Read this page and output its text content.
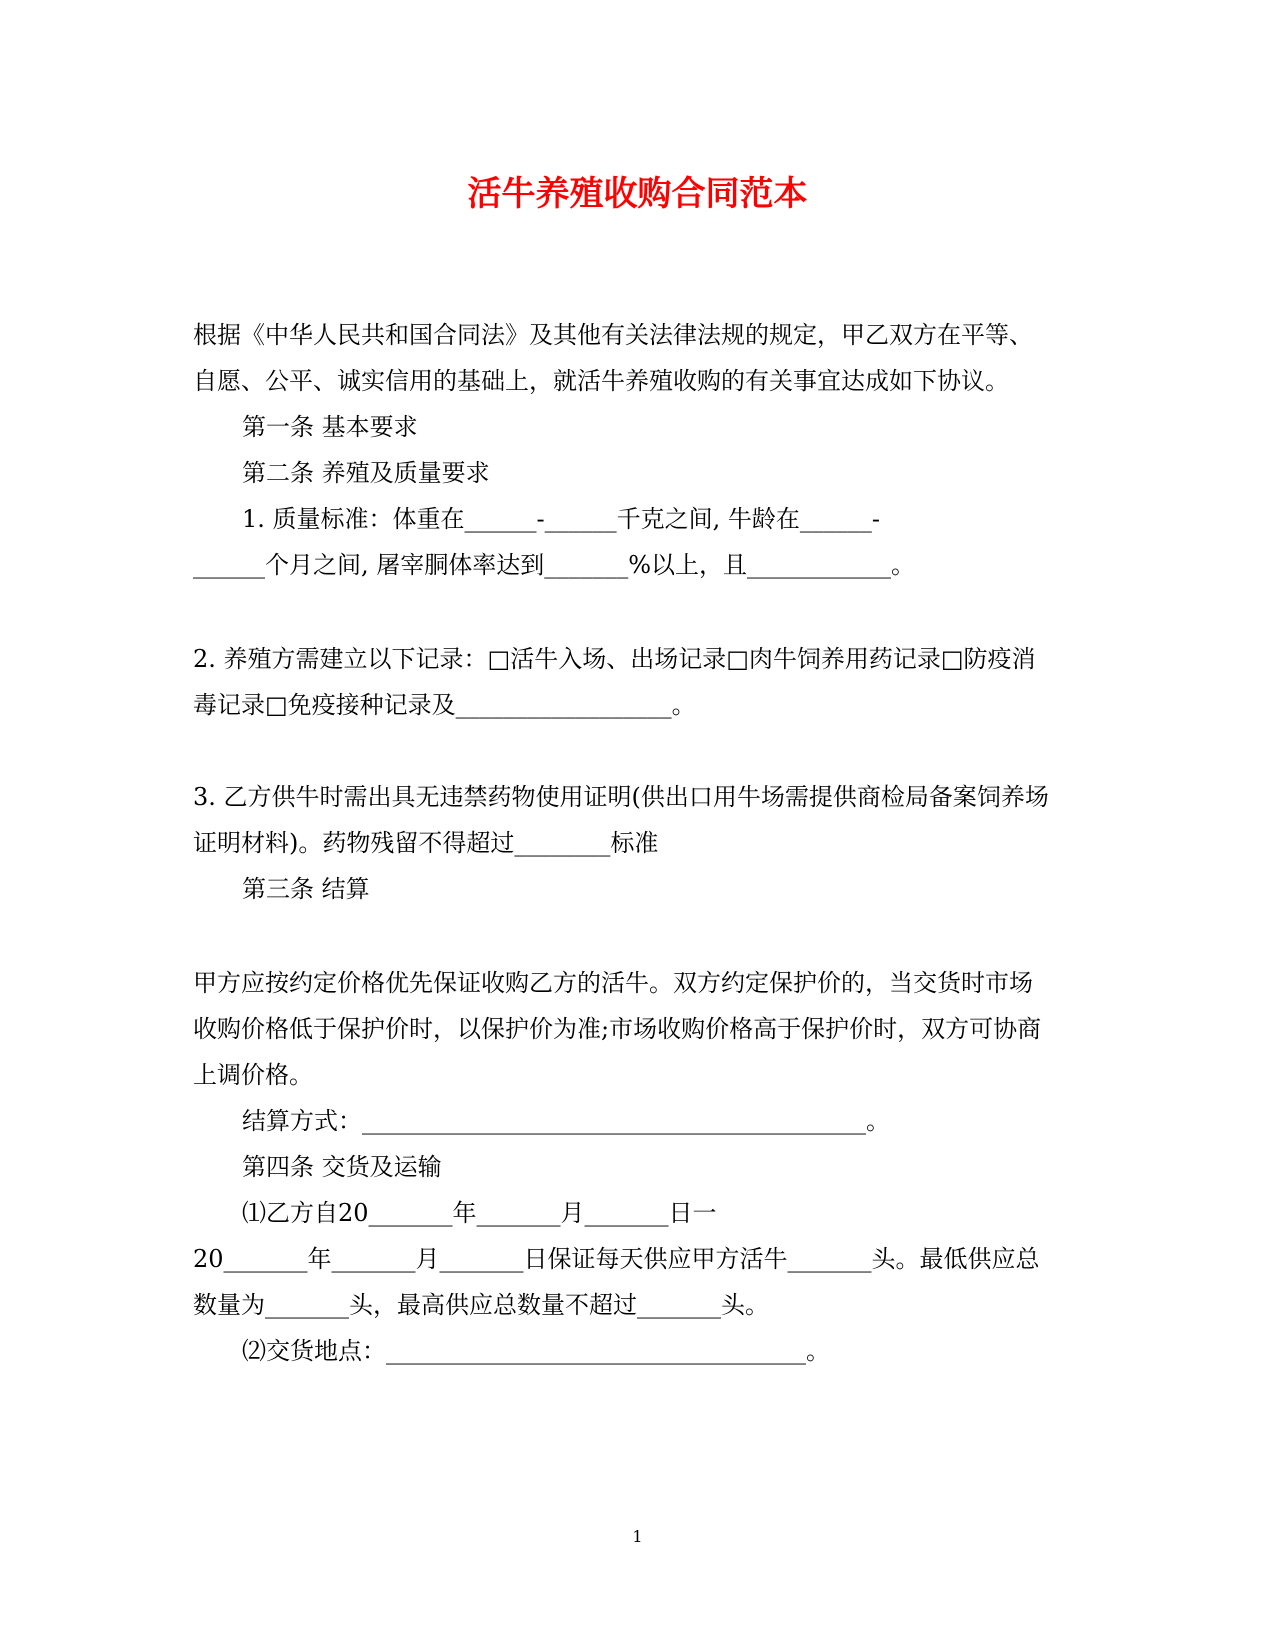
活牛养殖收购合同范本
根据《中华人民共和国合同法》及其他有关法律法规的规定，甲乙双方在平等、
自愿、公平、诚实信用的基础上，就活牛养殖收购的有关事宜达成如下协议。
第一条 基本要求
第二条 养殖及质量要求
1. 质量标准：体重在______-______千克之间, 牛龄在______-
______个月之间, 屠宰胴体率达到_______%以上，且____________。
2. 养殖方需建立以下记录：□活牛入场、出场记录□肉牛饲养用药记录□防疫消
毒记录□免疫接种记录及__________________。
3. 乙方供牛时需出具无违禁药物使用证明(供出口用牛场需提供商检局备案饲养场
证明材料)。药物残留不得超过________标准
第三条 结算
甲方应按约定价格优先保证收购乙方的活牛。双方约定保护价的，当交货时市场
收购价格低于保护价时，以保护价为准;市场收购价格高于保护价时，双方可协商
上调价格。
结算方式：__________________________________________。
第四条 交货及运输
⑴乙方自20_______年_______月_______日一
20_______年_______月_______日保证每天供应甲方活牛_______头。最低供应总
数量为_______头，最高供应总数量不超过_______头。
⑵交货地点：___________________________________。
1
